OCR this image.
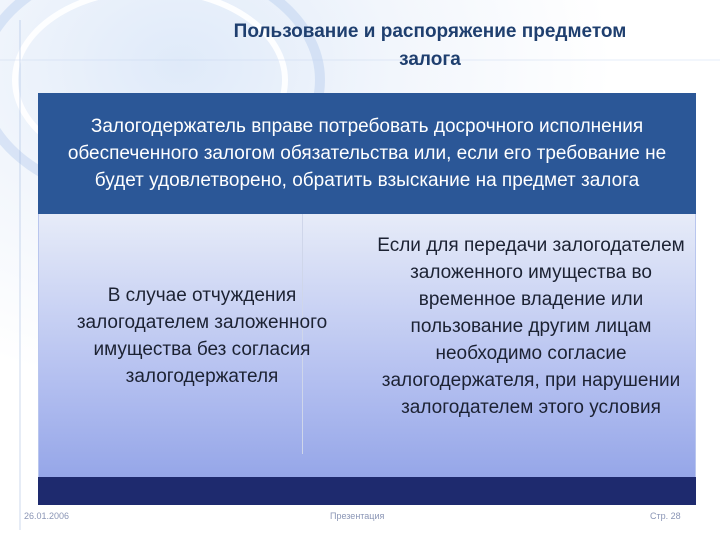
Пользование и распоряжение предметом
залога
Залогодержатель вправе потребовать досрочного исполнения обеспеченного залогом обязательства или, если его требование не будет удовлетворено, обратить взыскание на предмет залога
В случае отчуждения залогодателем заложенного имущества без согласия залогодержателя
Если для передачи залогодателем заложенного имущества во временное владение или пользование другим лицам необходимо согласие залогодержателя, при нарушении залогодателем этого условия
26.01.2006	Презентация	Стр. 28
